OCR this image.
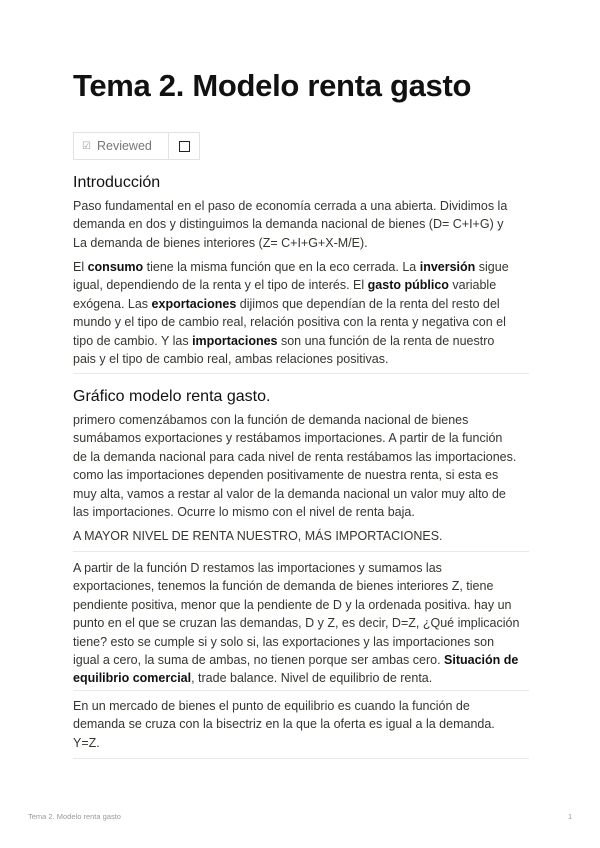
Tema 2. Modelo renta gasto
☑ Reviewed
Introducción
Paso fundamental en el paso de economía cerrada a una abierta. Dividimos la
demanda en dos y distinguimos la demanda nacional de bienes (D= C+I+G) y
La demanda de bienes interiores (Z= C+I+G+X-M/E).
El consumo tiene la misma función que en la eco cerrada. La inversión sigue
igual, dependiendo de la renta y el tipo de interés. El gasto público variable
exógena. Las exportaciones dijimos que dependían de la renta del resto del
mundo y el tipo de cambio real, relación positiva con la renta y negativa con el
tipo de cambio. Y las importaciones son una función de la renta de nuestro
pais y el tipo de cambio real, ambas relaciones positivas.
Gráfico modelo renta gasto.
primero comenzábamos con la función de demanda nacional de bienes
sumábamos exportaciones y restábamos importaciones. A partir de la función
de la demanda nacional para cada nivel de renta restábamos las importaciones.
como las importaciones dependen positivamente de nuestra renta, si esta es
muy alta, vamos a restar al valor de la demanda nacional un valor muy alto de
las importaciones. Ocurre lo mismo con el nivel de renta baja.
A MAYOR NIVEL DE RENTA NUESTRO, MÁS IMPORTACIONES.
A partir de la función D restamos las importaciones y sumamos las
exportaciones, tenemos la función de demanda de bienes interiores Z, tiene
pendiente positiva, menor que la pendiente de D y la ordenada positiva. hay un
punto en el que se cruzan las demandas, D y Z, es decir, D=Z, ¿Qué implicación
tiene? esto se cumple si y solo si, las exportaciones y las importaciones son
igual a cero, la suma de ambas, no tienen porque ser ambas cero. Situación de
equilibrio comercial, trade balance. Nivel de equilibrio de renta.
En un mercado de bienes el punto de equilibrio es cuando la función de
demanda se cruza con la bisectriz en la que la oferta es igual a la demanda.
Y=Z.
Tema 2. Modelo renta gasto	1
